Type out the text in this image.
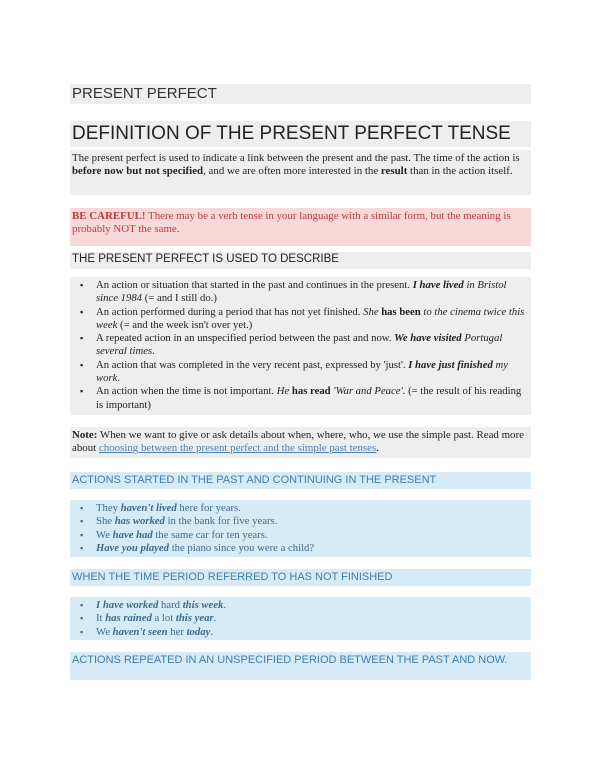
PRESENT PERFECT
DEFINITION OF THE PRESENT PERFECT TENSE
The present perfect is used to indicate a link between the present and the past. The time of the action is before now but not specified, and we are often more interested in the result than in the action itself.
BE CAREFUL! There may be a verb tense in your language with a similar form, but the meaning is probably NOT the same.
THE PRESENT PERFECT IS USED TO DESCRIBE
▪ An action or situation that started in the past and continues in the present. I have lived in Bristol since 1984 (= and I still do.)
▪ An action performed during a period that has not yet finished. She has been to the cinema twice this week (= and the week isn't over yet.)
▪ A repeated action in an unspecified period between the past and now. We have visited Portugal several times.
▪ An action that was completed in the very recent past, expressed by 'just'. I have just finished my work.
▪ An action when the time is not important. He has read 'War and Peace'. (= the result of his reading is important)
Note: When we want to give or ask details about when, where, who, we use the simple past. Read more about choosing between the present perfect and the simple past tenses.
ACTIONS STARTED IN THE PAST AND CONTINUING IN THE PRESENT
▪ They haven't lived here for years.
▪ She has worked in the bank for five years.
▪ We have had the same car for ten years.
▪ Have you played the piano since you were a child?
WHEN THE TIME PERIOD REFERRED TO HAS NOT FINISHED
▪ I have worked hard this week.
▪ It has rained a lot this year.
▪ We haven't seen her today.
ACTIONS REPEATED IN AN UNSPECIFIED PERIOD BETWEEN THE PAST AND NOW.
